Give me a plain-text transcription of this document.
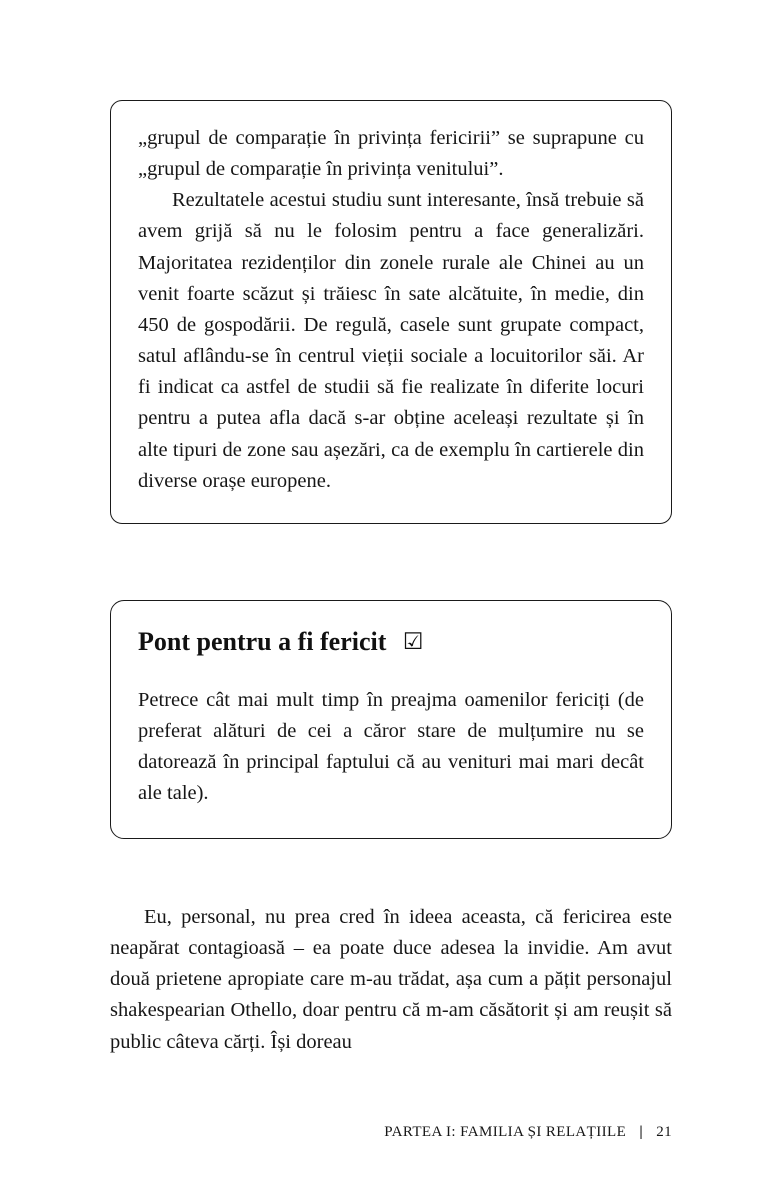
„grupul de comparație în privința fericirii” se suprapune cu „grupul de comparație în privința venitului”.

Rezultatele acestui studiu sunt interesante, însă trebuie să avem grijă să nu le folosim pentru a face generalizări. Majoritatea rezidenților din zonele rurale ale Chinei au un venit foarte scăzut și trăiesc în sate alcătuite, în medie, din 450 de gospodării. De regulă, casele sunt grupate compact, satul aflându-se în centrul vieții sociale a locuitorilor săi. Ar fi indicat ca astfel de studii să fie realizate în diferite locuri pentru a putea afla dacă s-ar obține aceleași rezultate și în alte tipuri de zone sau așezări, ca de exemplu în cartierele din diverse orașe europene.

Pont pentru a fi fericit ☑

Petrece cât mai mult timp în preajma oamenilor fericiți (de preferat alături de cei a căror stare de mulțumire nu se datorează în principal faptului că au venituri mai mari decât ale tale).

Eu, personal, nu prea cred în ideea aceasta, că fericirea este neapărat contagioasă – ea poate duce adesea la invidie. Am avut două prietene apropiate care m-au trădat, așa cum a pățit personajul shakespearian Othello, doar pentru că m-am căsătorit și am reușit să public câteva cărți. Își doreau

PARTEA I: FAMILIA ȘI RELAȚIILE | 21
